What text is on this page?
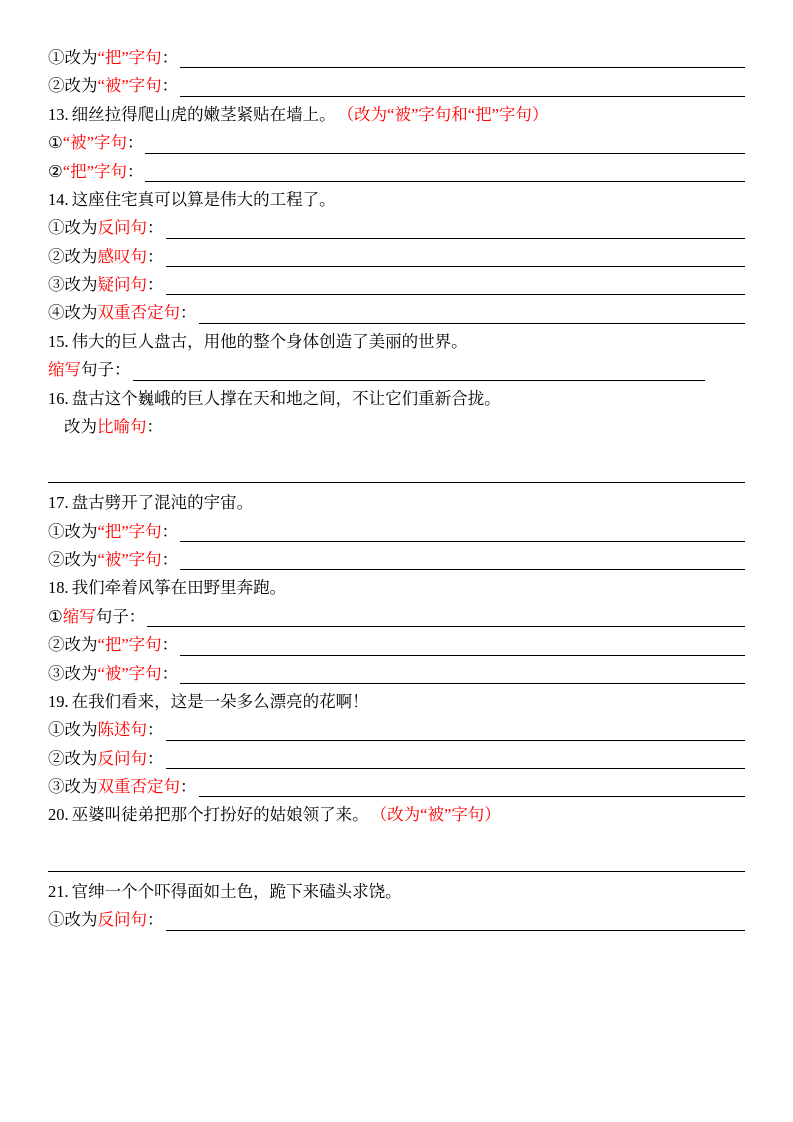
①改为 “把”字句 ：
②改为 “被”字句 ：
13. 细丝拉得爬山虎的嫩茎紧贴在墙上。 （改为“被”字句和“把”字句）
① “被”字句 ：
② “把”字句 ：
14. 这座住宅真可以算是伟大的工程了。
①改为 反问句 ：
②改为 感叹句 ：
③改为 疑问句 ：
④改为 双重否定句 ：
15. 伟大的巨人盘古，用他的整个身体创造了美丽的世界。
缩写 句子：
16. 盘古这个巍峨的巨人撑在天和地之间，不让它们重新合拢。
改为 比喻句 ：
17. 盘古劈开了混沌的宇宙。
①改为 “把”字句 ：
②改为 “被”字句 ：
18. 我们牵着风筝在田野里奔跑。
① 缩写 句子：
②改为 “把”字句 ：
③改为 “被”字句 ：
19. 在我们看来，这是一朵多么漂亮的花啊！
①改为 陈述句 ：
②改为 反问句 ：
③改为 双重否定句 ：
20. 巫婆叫徒弟把那个打扮好的姑娘领了来。 （改为“被”字句）
21. 官绅一个个吓得面如土色，跪下来磕头求饶。
①改为 反问句 ：
